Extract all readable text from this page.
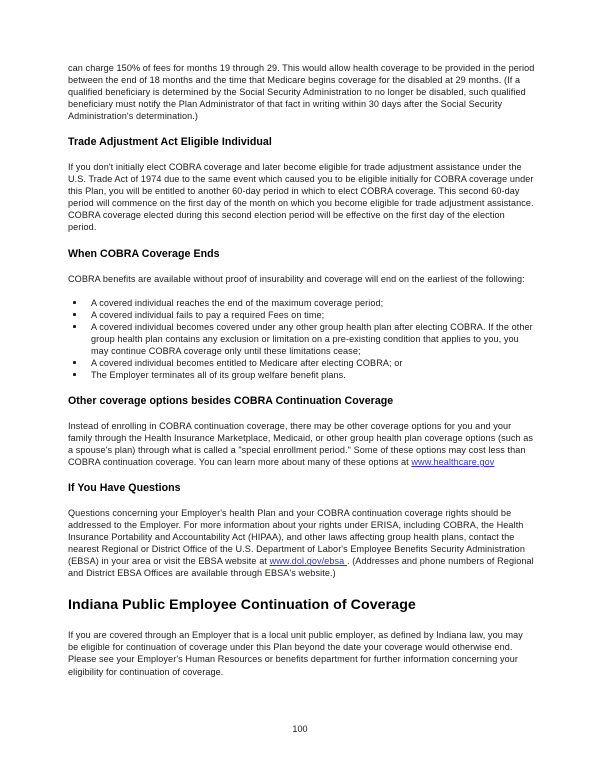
can charge 150% of fees for months 19 through 29. This would allow health coverage to be provided in the period between the end of 18 months and the time that Medicare begins coverage for the disabled at 29 months. (If a qualified beneficiary is determined by the Social Security Administration to no longer be disabled, such qualified beneficiary must notify the Plan Administrator of that fact in writing within 30 days after the Social Security Administration's determination.)

Trade Adjustment Act Eligible Individual

If you don't initially elect COBRA coverage and later become eligible for trade adjustment assistance under the U.S. Trade Act of 1974 due to the same event which caused you to be eligible initially for COBRA coverage under this Plan, you will be entitled to another 60-day period in which to elect COBRA coverage. This second 60-day period will commence on the first day of the month on which you become eligible for trade adjustment assistance. COBRA coverage elected during this second election period will be effective on the first day of the election period.

When COBRA Coverage Ends

COBRA benefits are available without proof of insurability and coverage will end on the earliest of the following:

A covered individual reaches the end of the maximum coverage period;
A covered individual fails to pay a required Fees on time;
A covered individual becomes covered under any other group health plan after electing COBRA. If the other group health plan contains any exclusion or limitation on a pre-existing condition that applies to you, you may continue COBRA coverage only until these limitations cease;
A covered individual becomes entitled to Medicare after electing COBRA; or
The Employer terminates all of its group welfare benefit plans.
Other coverage options besides COBRA Continuation Coverage

Instead of enrolling in COBRA continuation coverage, there may be other coverage options for you and your family through the Health Insurance Marketplace, Medicaid, or other group health plan coverage options (such as a spouse's plan) through what is called a "special enrollment period." Some of these options may cost less than COBRA continuation coverage. You can learn more about many of these options at www.healthcare.gov

If You Have Questions

Questions concerning your Employer's health Plan and your COBRA continuation coverage rights should be addressed to the Employer. For more information about your rights under ERISA, including COBRA, the Health Insurance Portability and Accountability Act (HIPAA), and other laws affecting group health plans, contact the nearest Regional or District Office of the U.S. Department of Labor's Employee Benefits Security Administration (EBSA) in your area or visit the EBSA website at www.dol.gov/ebsa . (Addresses and phone numbers of Regional and District EBSA Offices are available through EBSA's website.)

Indiana Public Employee Continuation of Coverage

If you are covered through an Employer that is a local unit public employer, as defined by Indiana law, you may be eligible for continuation of coverage under this Plan beyond the date your coverage would otherwise end. Please see your Employer's Human Resources or benefits department for further information concerning your eligibility for continuation of coverage.

100
